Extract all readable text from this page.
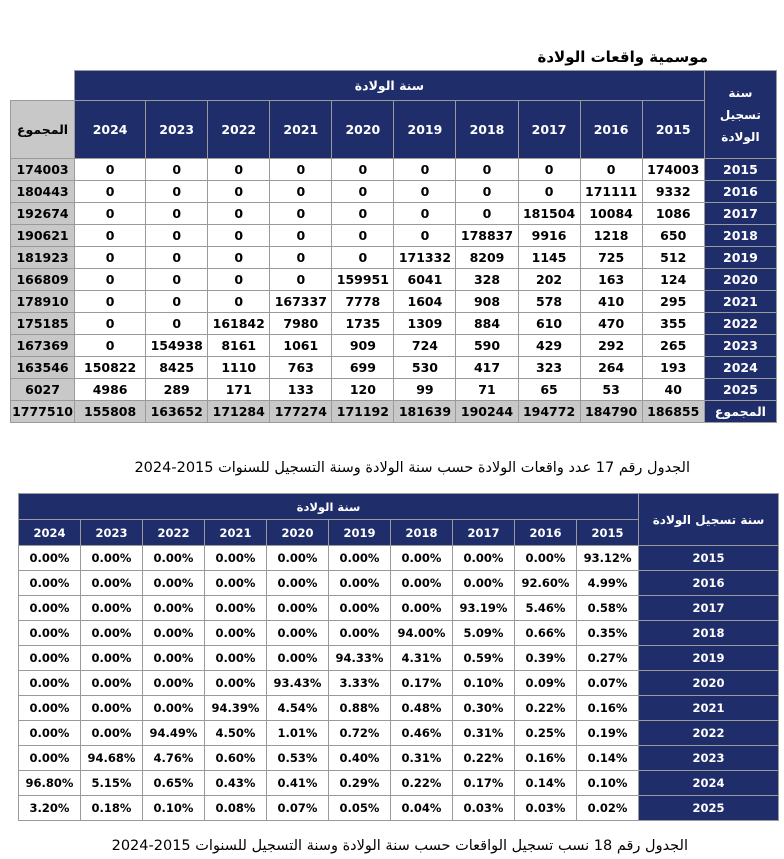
موسمية واقعات الولادة
	سنة الولادة										سنة
تسجيل
الولادة
المجموع	2024	2023	2022	2021	2020	2019	2018	2017	2016	2015	
174003	0	0	0	0	0	0	0	0	0	174003	2015
180443	0	0	0	0	0	0	0	0	171111	9332	2016
192674	0	0	0	0	0	0	0	181504	10084	1086	2017
190621	0	0	0	0	0	0	178837	9916	1218	650	2018
181923	0	0	0	0	0	171332	8209	1145	725	512	2019
166809	0	0	0	0	159951	6041	328	202	163	124	2020
178910	0	0	0	167337	7778	1604	908	578	410	295	2021
175185	0	0	161842	7980	1735	1309	884	610	470	355	2022
167369	0	154938	8161	1061	909	724	590	429	292	265	2023
163546	150822	8425	1110	763	699	530	417	323	264	193	2024
6027	4986	289	171	133	120	99	71	65	53	40	2025
1777510	155808	163652	171284	177274	171192	181639	190244	194772	184790	186855	المجموع
الجدول رقم 17 عدد واقعات الولادة حسب سنة الولادة وسنة التسجيل للسنوات 2015-2024
سنة الولادة										سنة تسجيل الولادة
2024	2023	2022	2021	2020	2019	2018	2017	2016	2015	
0.00%	0.00%	0.00%	0.00%	0.00%	0.00%	0.00%	0.00%	0.00%	93.12%	2015
0.00%	0.00%	0.00%	0.00%	0.00%	0.00%	0.00%	0.00%	92.60%	4.99%	2016
0.00%	0.00%	0.00%	0.00%	0.00%	0.00%	0.00%	93.19%	5.46%	0.58%	2017
0.00%	0.00%	0.00%	0.00%	0.00%	0.00%	94.00%	5.09%	0.66%	0.35%	2018
0.00%	0.00%	0.00%	0.00%	0.00%	94.33%	4.31%	0.59%	0.39%	0.27%	2019
0.00%	0.00%	0.00%	0.00%	93.43%	3.33%	0.17%	0.10%	0.09%	0.07%	2020
0.00%	0.00%	0.00%	94.39%	4.54%	0.88%	0.48%	0.30%	0.22%	0.16%	2021
0.00%	0.00%	94.49%	4.50%	1.01%	0.72%	0.46%	0.31%	0.25%	0.19%	2022
0.00%	94.68%	4.76%	0.60%	0.53%	0.40%	0.31%	0.22%	0.16%	0.14%	2023
96.80%	5.15%	0.65%	0.43%	0.41%	0.29%	0.22%	0.17%	0.14%	0.10%	2024
3.20%	0.18%	0.10%	0.08%	0.07%	0.05%	0.04%	0.03%	0.03%	0.02%	2025
الجدول رقم 18 نسب تسجيل الواقعات حسب سنة الولادة وسنة التسجيل للسنوات 2015-2024
